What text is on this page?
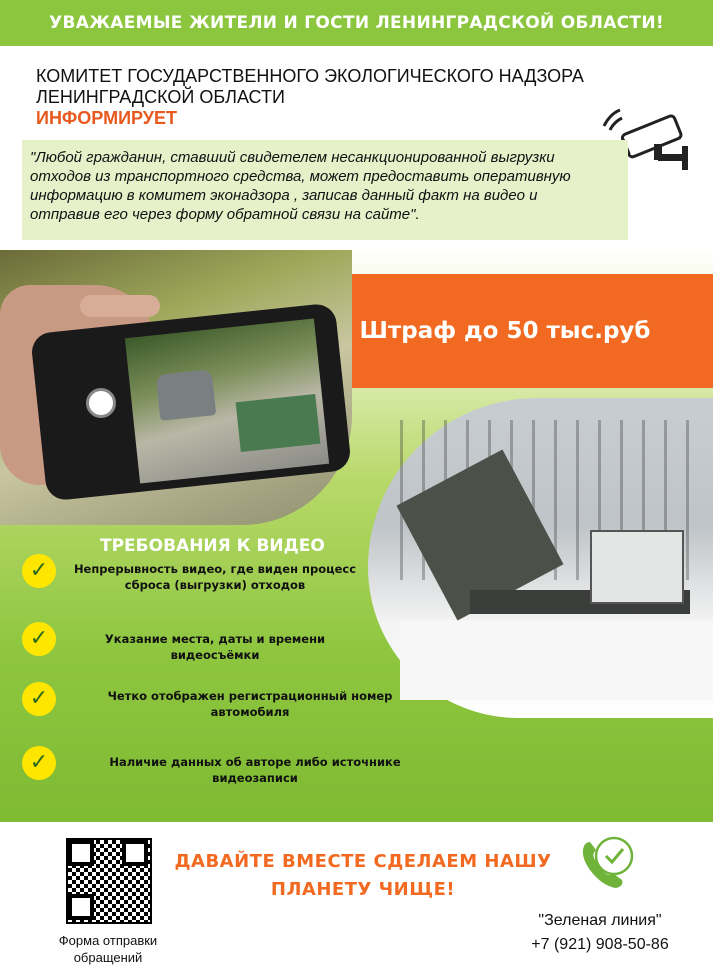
УВАЖАЕМЫЕ ЖИТЕЛИ И ГОСТИ ЛЕНИНГРАДСКОЙ ОБЛАСТИ!
КОМИТЕТ ГОСУДАРСТВЕННОГО ЭКОЛОГИЧЕСКОГО НАДЗОРА ЛЕНИНГРАДСКОЙ ОБЛАСТИ
ИНФОРМИРУЕТ
"Любой гражданин, ставший свидетелем несанкционированной выгрузки отходов из транспортного средства, может предоставить оперативную информацию в комитет эконадзора , записав данный факт на видео и отправив его через форму обратной связи на сайте".
Штраф до 50 тыс.руб
ТРЕБОВАНИЯ К ВИДЕО
✓	Непрерывность видео, где виден процесс сброса (выгрузки) отходов
✓	Указание места, даты и времени видеосъёмки
✓	Четко отображен регистрационный номер автомобиля
✓	Наличие данных об авторе либо источнике видеозаписи
Форма отправки обращений
ДАВАЙТЕ ВМЕСТЕ СДЕЛАЕМ НАШУ ПЛАНЕТУ ЧИЩЕ!
"Зеленая линия"
+7 (921) 908-50-86
